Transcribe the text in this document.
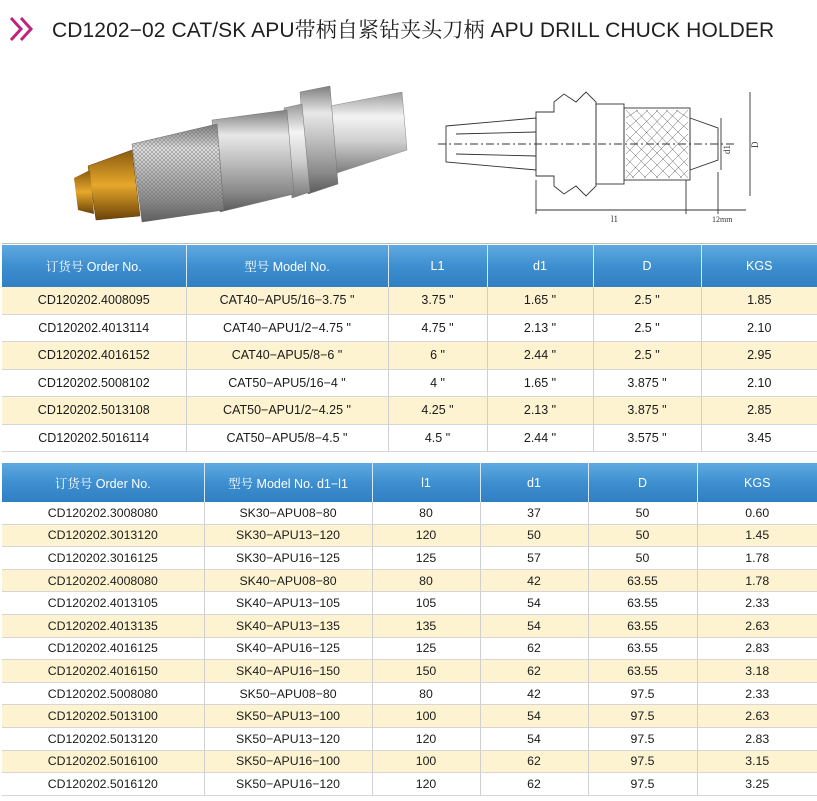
CD1202−02 CAT/SK APU带柄自紧钻夹头刀柄 APU DRILL CHUCK HOLDER
l1
d1
D
12mm
订货号 Order No.	型号 Model No.	L1	d1	D	KGS
CD120202.4008095	CAT40−APU5/16−3.75 "	3.75 "	1.65 "	2.5 "	1.85
CD120202.4013114	CAT40−APU1/2−4.75 "	4.75 "	2.13 "	2.5 "	2.10
CD120202.4016152	CAT40−APU5/8−6 "	6 "	2.44 "	2.5 "	2.95
CD120202.5008102	CAT50−APU5/16−4 "	4 "	1.65 "	3.875 "	2.10
CD120202.5013108	CAT50−APU1/2−4.25 "	4.25 "	2.13 "	3.875 "	2.85
CD120202.5016114	CAT50−APU5/8−4.5 "	4.5 "	2.44 "	3.575 "	3.45
订货号 Order No.	型号 Model No. d1−l1	l1	d1	D	KGS
CD120202.3008080	SK30−APU08−80	80	37	50	0.60
CD120202.3013120	SK30−APU13−120	120	50	50	1.45
CD120202.3016125	SK30−APU16−125	125	57	50	1.78
CD120202.4008080	SK40−APU08−80	80	42	63.55	1.78
CD120202.4013105	SK40−APU13−105	105	54	63.55	2.33
CD120202.4013135	SK40−APU13−135	135	54	63.55	2.63
CD120202.4016125	SK40−APU16−125	125	62	63.55	2.83
CD120202.4016150	SK40−APU16−150	150	62	63.55	3.18
CD120202.5008080	SK50−APU08−80	80	42	97.5	2.33
CD120202.5013100	SK50−APU13−100	100	54	97.5	2.63
CD120202.5013120	SK50−APU13−120	120	54	97.5	2.83
CD120202.5016100	SK50−APU16−100	100	62	97.5	3.15
CD120202.5016120	SK50−APU16−120	120	62	97.5	3.25
